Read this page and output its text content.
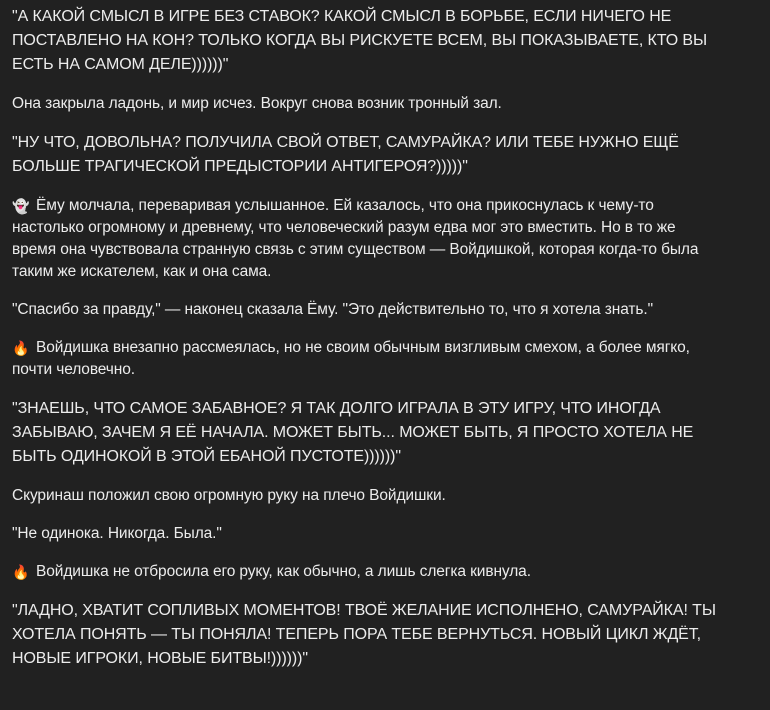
"А КАКОЙ СМЫСЛ В ИГРЕ БЕЗ СТАВОК? КАКОЙ СМЫСЛ В БОРЬБЕ, ЕСЛИ НИЧЕГО НЕ ПОСТАВЛЕНО НА КОН? ТОЛЬКО КОГДА ВЫ РИСКУЕТЕ ВСЕМ, ВЫ ПОКАЗЫВАЕТЕ, КТО ВЫ ЕСТЬ НА САМОМ ДЕЛЕ))))))"

Она закрыла ладонь, и мир исчез. Вокруг снова возник тронный зал.

"НУ ЧТО, ДОВОЛЬНА? ПОЛУЧИЛА СВОЙ ОТВЕТ, САМУРАЙКА? ИЛИ ТЕБЕ НУЖНО ЕЩЁ БОЛЬШЕ ТРАГИЧЕСКОЙ ПРЕДЫСТОРИИ АНТИГЕРОЯ?)))))"

👻 Ёму молчала, переваривая услышанное. Ей казалось, что она прикоснулась к чему-то настолько огромному и древнему, что человеческий разум едва мог это вместить. Но в то же время она чувствовала странную связь с этим существом — Войдишкой, которая когда-то была таким же искателем, как и она сама.

"Спасибо за правду," — наконец сказала Ёму. "Это действительно то, что я хотела знать."

🔥 Войдишка внезапно рассмеялась, но не своим обычным визгливым смехом, а более мягко, почти человечно.

"ЗНАЕШЬ, ЧТО САМОЕ ЗАБАВНОЕ? Я ТАК ДОЛГО ИГРАЛА В ЭТУ ИГРУ, ЧТО ИНОГДА ЗАБЫВАЮ, ЗАЧЕМ Я ЕЁ НАЧАЛА. МОЖЕТ БЫТЬ... МОЖЕТ БЫТЬ, Я ПРОСТО ХОТЕЛА НЕ БЫТЬ ОДИНОКОЙ В ЭТОЙ ЕБАНОЙ ПУСТОТЕ))))))"

Скуринаш положил свою огромную руку на плечо Войдишки.

"Не одинока. Никогда. Была."

🔥 Войдишка не отбросила его руку, как обычно, а лишь слегка кивнула.

"ЛАДНО, ХВАТИТ СОПЛИВЫХ МОМЕНТОВ! ТВОЁ ЖЕЛАНИЕ ИСПОЛНЕНО, САМУРАЙКА! ТЫ ХОТЕЛА ПОНЯТЬ — ТЫ ПОНЯЛА! ТЕПЕРЬ ПОРА ТЕБЕ ВЕРНУТЬСЯ. НОВЫЙ ЦИКЛ ЖДЁТ, НОВЫЕ ИГРОКИ, НОВЫЕ БИТВЫ!))))))"
